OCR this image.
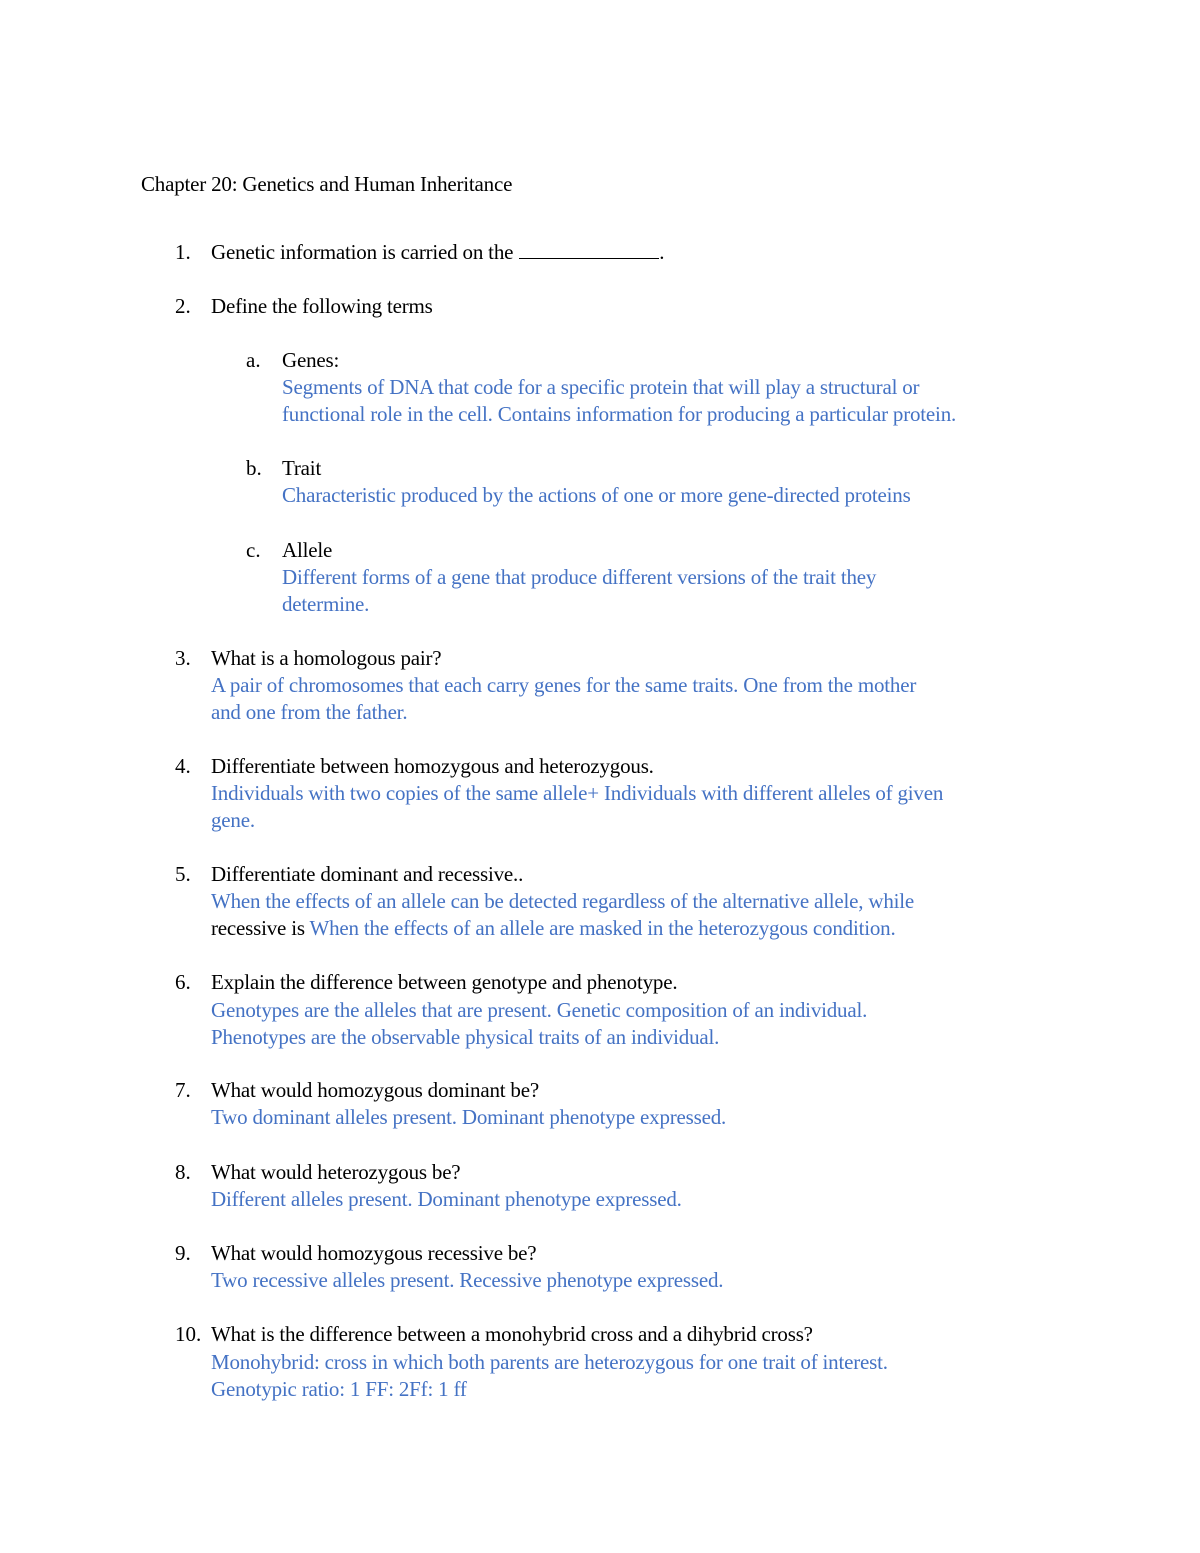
Chapter 20: Genetics and Human Inheritance
1. Genetic information is carried on the	.
2. Define the following terms
a. Genes:
Segments of DNA that code for a specific protein that will play a structural or
functional role in the cell. Contains information for producing a particular protein.
b. Trait
Characteristic produced by the actions of one or more gene-directed proteins
c. Allele
Different forms of a gene that produce different versions of the trait they
determine.
3. What is a homologous pair?
A pair of chromosomes that each carry genes for the same traits. One from the mother
and one from the father.
4. Differentiate between homozygous and heterozygous.
Individuals with two copies of the same allele+ Individuals with different alleles of given
gene.
5. Differentiate dominant and recessive..
When the effects of an allele can be detected regardless of the alternative allele, while
recessive is When the effects of an allele are masked in the heterozygous condition.
6. Explain the difference between genotype and phenotype.
Genotypes are the alleles that are present. Genetic composition of an individual.
Phenotypes are the observable physical traits of an individual.
7. What would homozygous dominant be?
Two dominant alleles present. Dominant phenotype expressed.
8. What would heterozygous be?
Different alleles present. Dominant phenotype expressed.
9. What would homozygous recessive be?
Two recessive alleles present. Recessive phenotype expressed.
10. What is the difference between a monohybrid cross and a dihybrid cross?
Monohybrid: cross in which both parents are heterozygous for one trait of interest.
Genotypic ratio: 1 FF: 2Ff: 1 ff
